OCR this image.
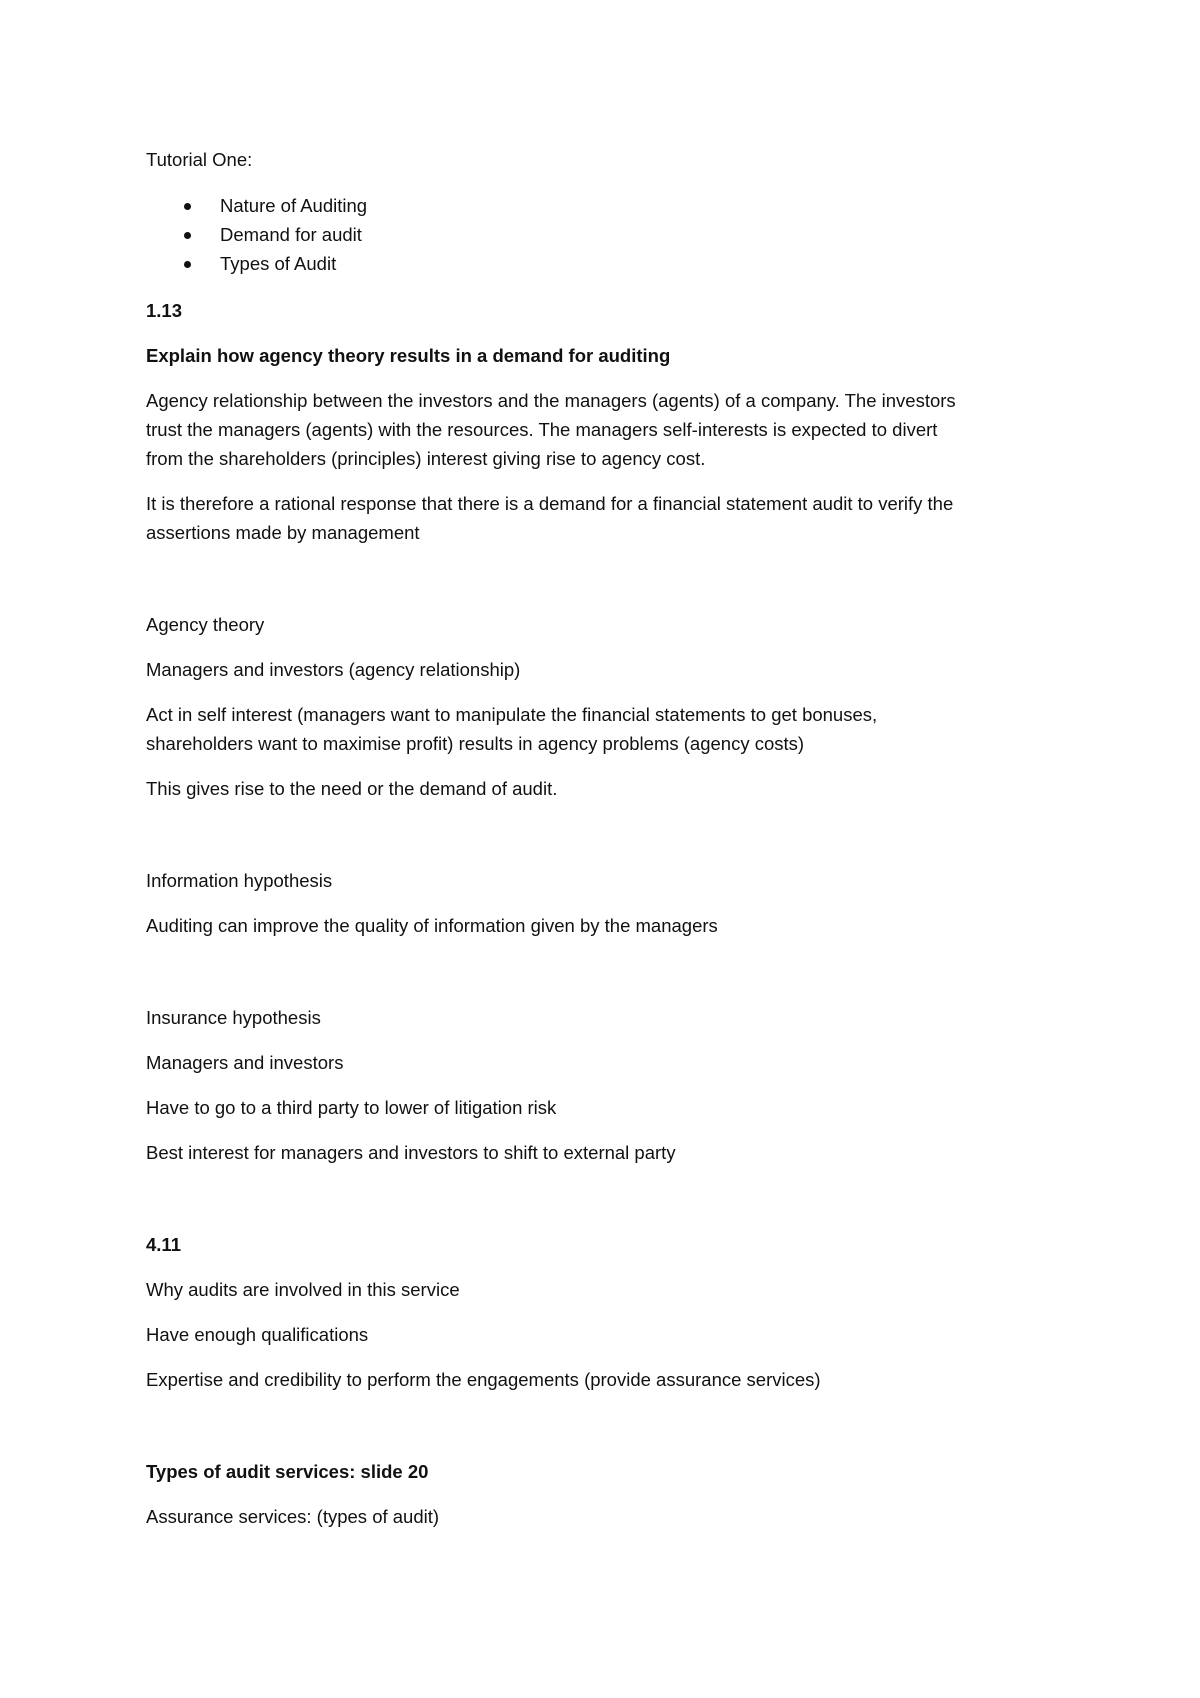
Tutorial One:

Nature of Auditing
Demand for audit
Types of Audit

1.13

Explain how agency theory results in a demand for auditing

Agency relationship between the investors and the managers (agents) of a company. The investors

trust the managers (agents) with the resources. The managers self-interests is expected to divert

from the shareholders (principles) interest giving rise to agency cost.

It is therefore a rational response that there is a demand for a financial statement audit to verify the

assertions made by management

Agency theory

Managers and investors (agency relationship)

Act in self interest (managers want to manipulate the financial statements to get bonuses,

shareholders want to maximise profit) results in agency problems (agency costs)

This gives rise to the need or the demand of audit.

Information hypothesis

Auditing can improve the quality of information given by the managers

Insurance hypothesis

Managers and investors

Have to go to a third party to lower of litigation risk

Best interest for managers and investors to shift to external party

4.11

Why audits are involved in this service

Have enough qualifications

Expertise and credibility to perform the engagements (provide assurance services)

Types of audit services: slide 20

Assurance services: (types of audit)
